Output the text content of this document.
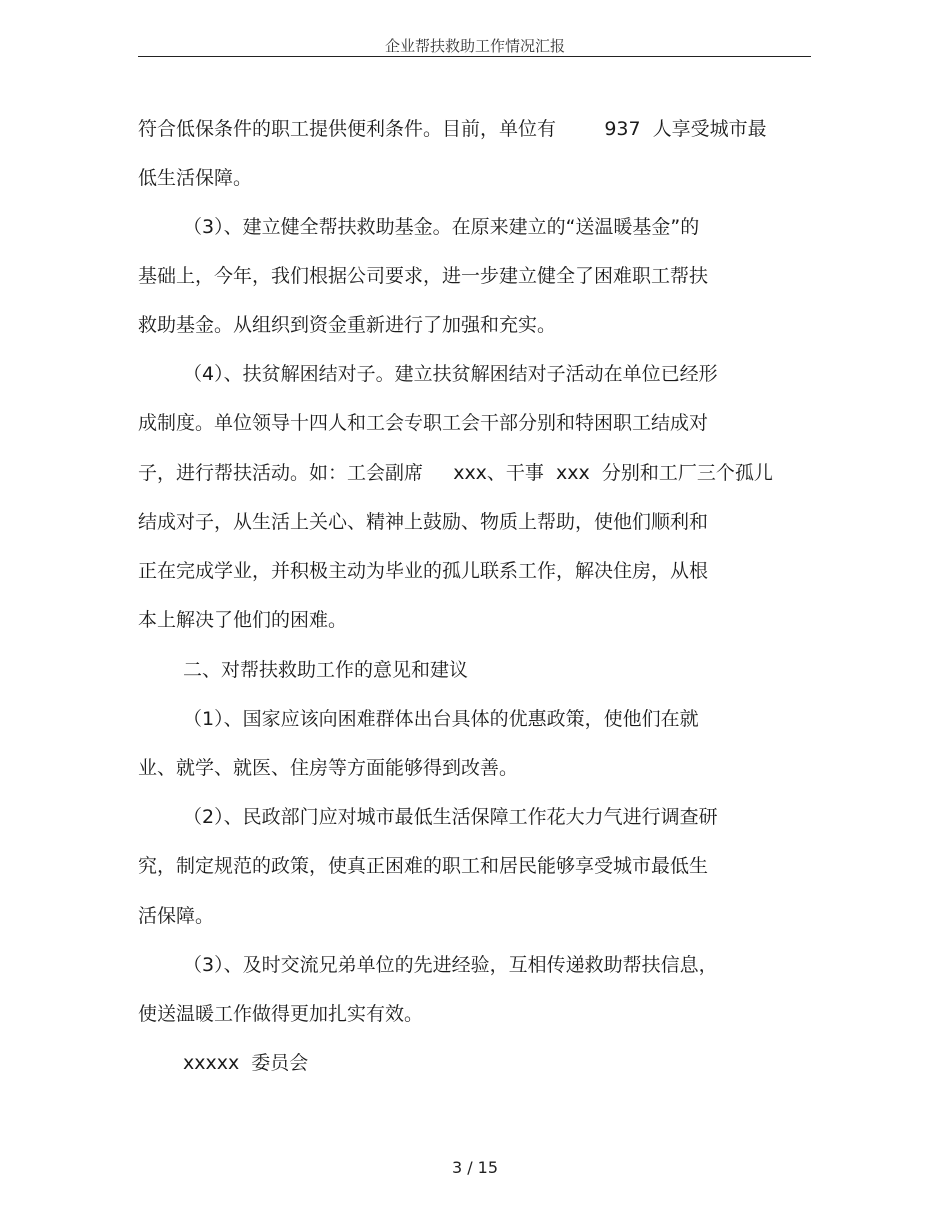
企业帮扶救助工作情况汇报
符合低保条件的职工提供便利条件。目前，单位有        937  人享受城市最
低生活保障。
（3）、建立健全帮扶救助基金。在原来建立的“送温暖基金”的
基础上，今年，我们根据公司要求，进一步建立健全了困难职工帮扶
救助基金。从组织到资金重新进行了加强和充实。
（4）、扶贫解困结对子。建立扶贫解困结对子活动在单位已经形
成制度。单位领导十四人和工会专职工会干部分别和特困职工结成对
子，进行帮扶活动。如：工会副席     xxx、干事  xxx  分别和工厂三个孤儿
结成对子，从生活上关心、精神上鼓励、物质上帮助，使他们顺利和
正在完成学业，并积极主动为毕业的孤儿联系工作，解决住房，从根
本上解决了他们的困难。
二、对帮扶救助工作的意见和建议
（1）、国家应该向困难群体出台具体的优惠政策，使他们在就
业、就学、就医、住房等方面能够得到改善。
（2）、民政部门应对城市最低生活保障工作花大力气进行调查研
究，制定规范的政策，使真正困难的职工和居民能够享受城市最低生
活保障。
（3）、及时交流兄弟单位的先进经验，互相传递救助帮扶信息，
使送温暖工作做得更加扎实有效。
xxxxx  委员会
3 / 15
